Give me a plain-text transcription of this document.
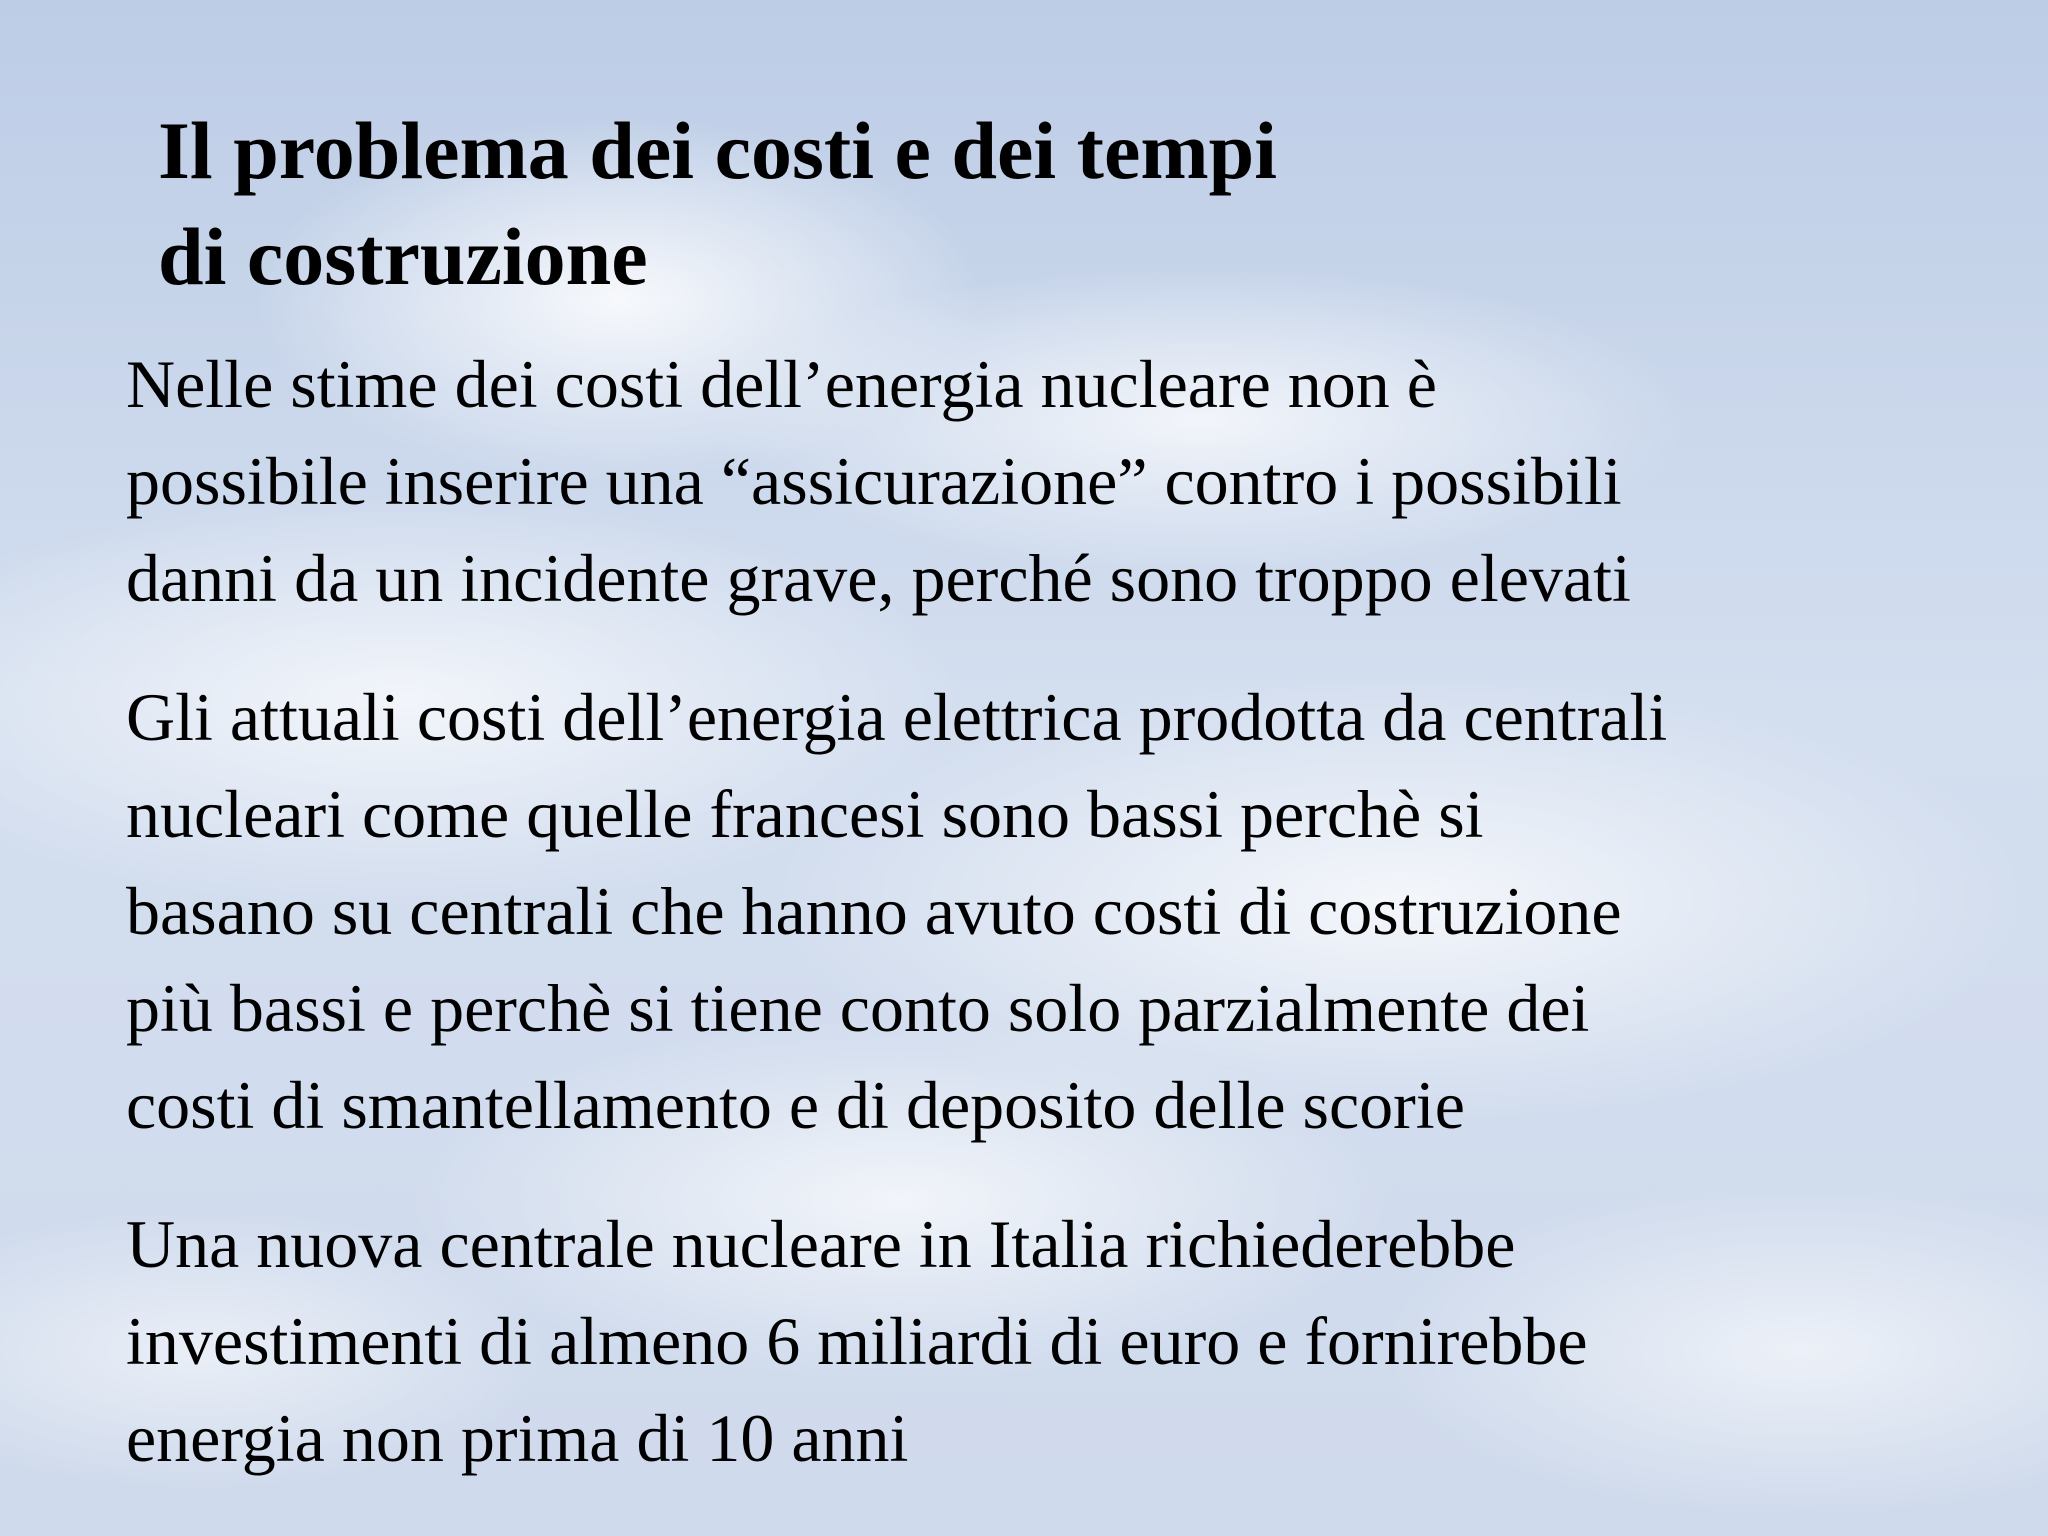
Il problema dei costi e dei tempi
di costruzione

Nelle stime dei costi dell’energia nucleare non è
possibile inserire una “assicurazione” contro i possibili
danni da un incidente grave, perché sono troppo elevati

Gli attuali costi dell’energia elettrica prodotta da centrali
nucleari come quelle francesi sono bassi perchè si
basano su centrali che hanno avuto costi di costruzione
più bassi e perchè si tiene conto solo parzialmente dei
costi di smantellamento e di deposito delle scorie

Una nuova centrale nucleare in Italia richiederebbe
investimenti di almeno 6 miliardi di euro e fornirebbe
energia non prima di 10 anni
